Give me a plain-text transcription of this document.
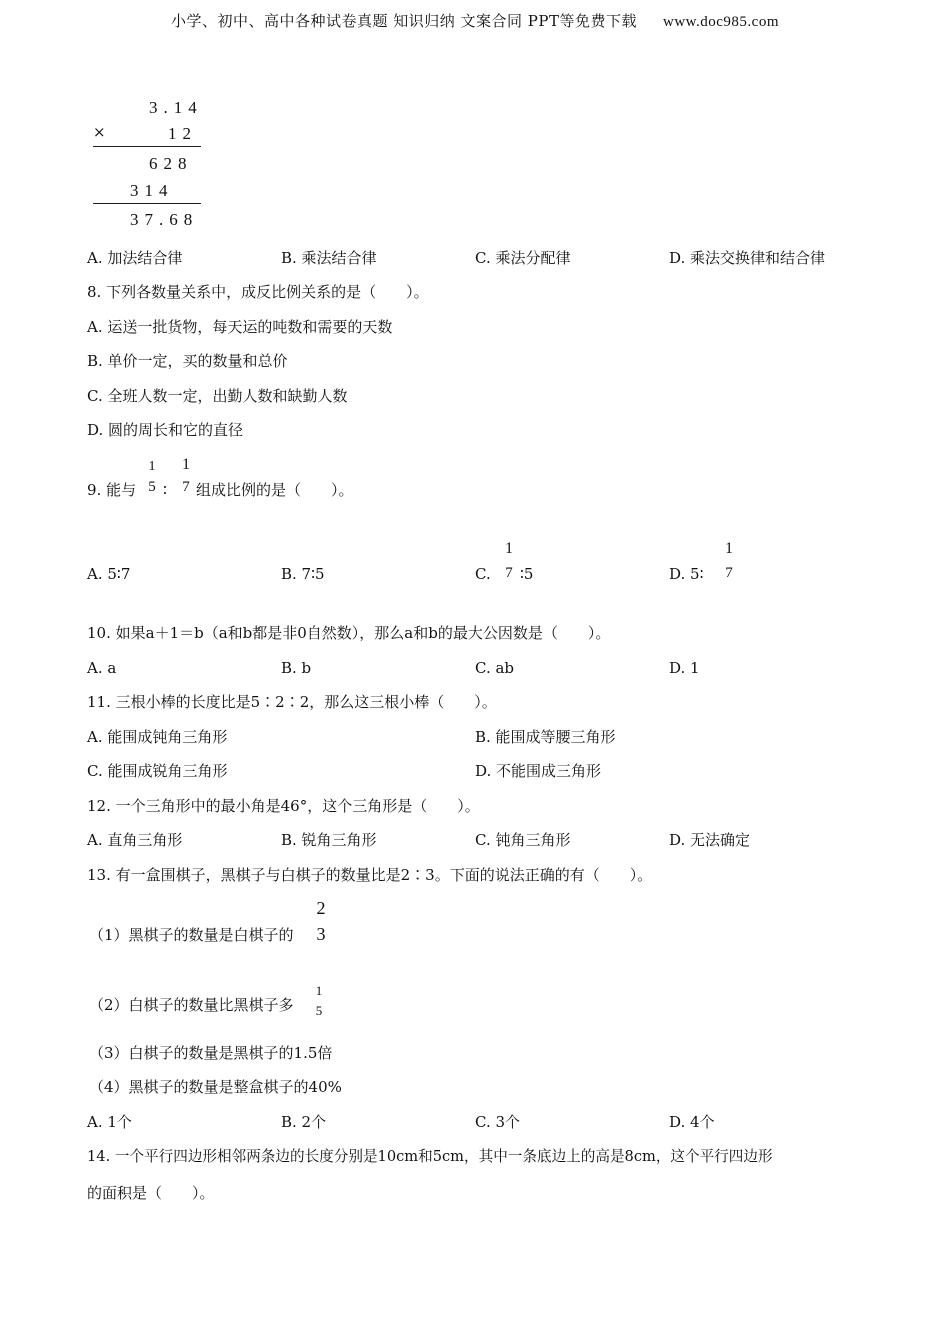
小学、初中、高中各种试卷真题 知识归纳 文案合同 PPT等免费下载 www.doc985.com
3.14
×	12
628
314
37.68
A. 加法结合律	B. 乘法结合律	C. 乘法分配律	D. 乘法交换律和结合律
8. 下列各数量关系中，成反比例关系的是（　　）。
A. 运送一批货物，每天运的吨数和需要的天数
B. 单价一定，买的数量和总价
C. 全班人数一定，出勤人数和缺勤人数
D. 圆的周长和它的直径
9. 能与
1
5 ∶
1
7 组成比例的是（　　）。
A. 5∶7	B. 7∶5	C.
1
7 ∶5	D. 5∶
1
7
10. 如果a＋1＝b（a和b都是非0自然数），那么a和b的最大公因数是（　　）。
A. a	B. b	C. ab	D. 1
11. 三根小棒的长度比是5∶2∶2，那么这三根小棒（　　）。
A. 能围成钝角三角形	B. 能围成等腰三角形
C. 能围成锐角三角形	D. 不能围成三角形
12. 一个三角形中的最小角是46°，这个三角形是（　　）。
A. 直角三角形	B. 锐角三角形	C. 钝角三角形	D. 无法确定
13. 有一盒围棋子，黑棋子与白棋子的数量比是2∶3。下面的说法正确的有（　　）。
（1）黑棋子的数量是白棋子的
2
3
（2）白棋子的数量比黑棋子多
1
5
（3）白棋子的数量是黑棋子的1.5倍
（4）黑棋子的数量是整盒棋子的40%
A. 1个	B. 2个	C. 3个	D. 4个
14. 一个平行四边形相邻两条边的长度分别是10cm和5cm，其中一条底边上的高是8cm，这个平行四边形
的面积是（　　）。
